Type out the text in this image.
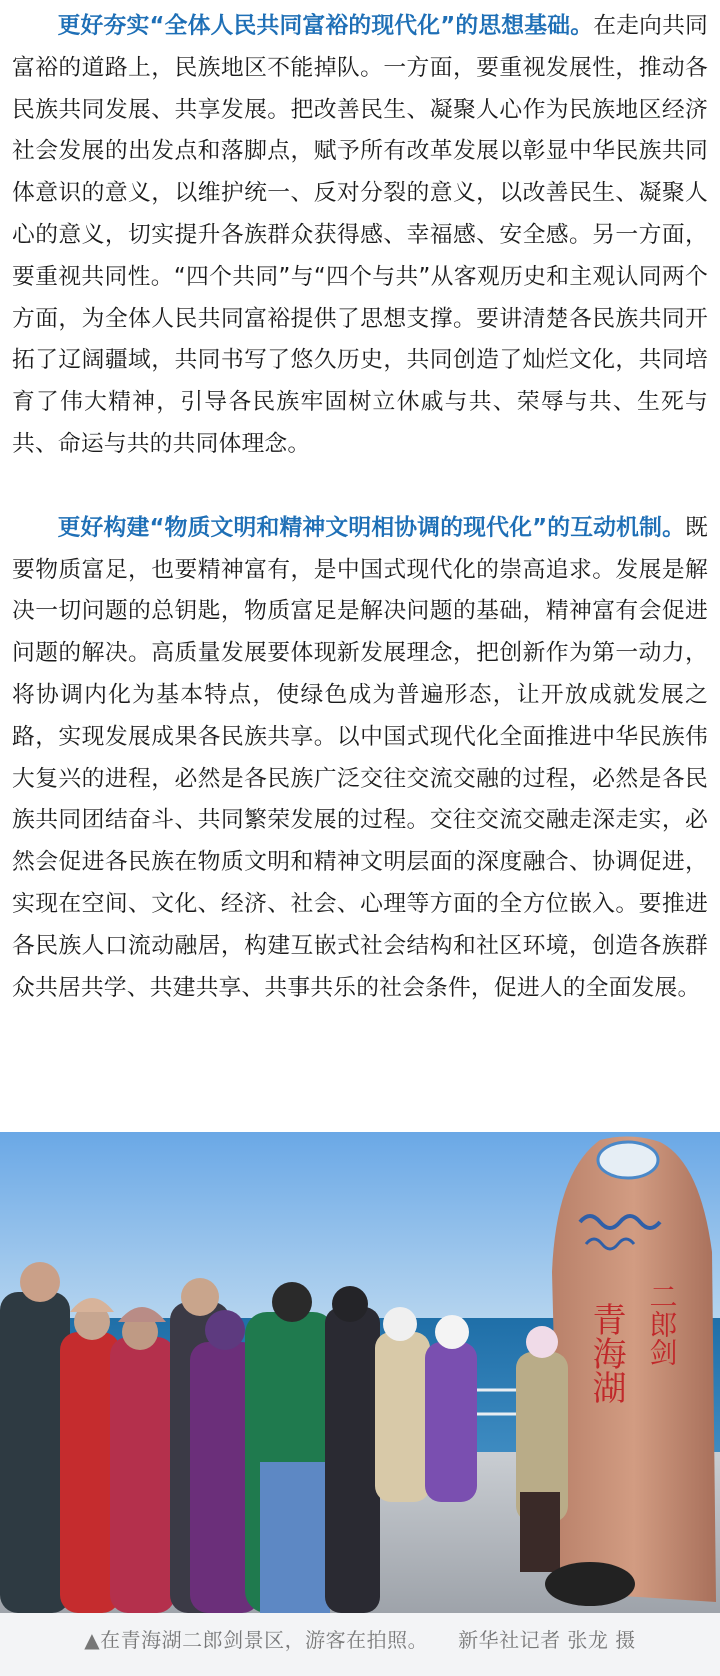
更好夯实“全体人民共同富裕的现代化”的思想基础。在走向共同富裕的道路上，民族地区不能掉队。一方面，要重视发展性，推动各民族共同发展、共享发展。把改善民生、凝聚人心作为民族地区经济社会发展的出发点和落脚点，赋予所有改革发展以彰显中华民族共同体意识的意义，以维护统一、反对分裂的意义，以改善民生、凝聚人心的意义，切实提升各族群众获得感、幸福感、安全感。另一方面，要重视共同性。“四个共同”与“四个与共”从客观历史和主观认同两个方面，为全体人民共同富裕提供了思想支撑。要讲清楚各民族共同开拓了辽阔疆域，共同书写了悠久历史，共同创造了灿烂文化，共同培育了伟大精神，引导各民族牢固树立休戚与共、荣辱与共、生死与共、命运与共的共同体理念。

更好构建“物质文明和精神文明相协调的现代化”的互动机制。既要物质富足，也要精神富有，是中国式现代化的崇高追求。发展是解决一切问题的总钥匙，物质富足是解决问题的基础，精神富有会促进问题的解决。高质量发展要体现新发展理念，把创新作为第一动力，将协调内化为基本特点，使绿色成为普遍形态，让开放成就发展之路，实现发展成果各民族共享。以中国式现代化全面推进中华民族伟大复兴的进程，必然是各民族广泛交往交流交融的过程，必然是各民族共同团结奋斗、共同繁荣发展的过程。交往交流交融走深走实，必然会促进各民族在物质文明和精神文明层面的深度融合、协调促进，实现在空间、文化、经济、社会、心理等方面的全方位嵌入。要推进各民族人口流动融居，构建互嵌式社会结构和社区环境，创造各族群众共居共学、共建共享、共事共乐的社会条件，促进人的全面发展。

青海湖 二郎剑
▲在青海湖二郎剑景区，游客在拍照。 新华社记者 张龙 摄
